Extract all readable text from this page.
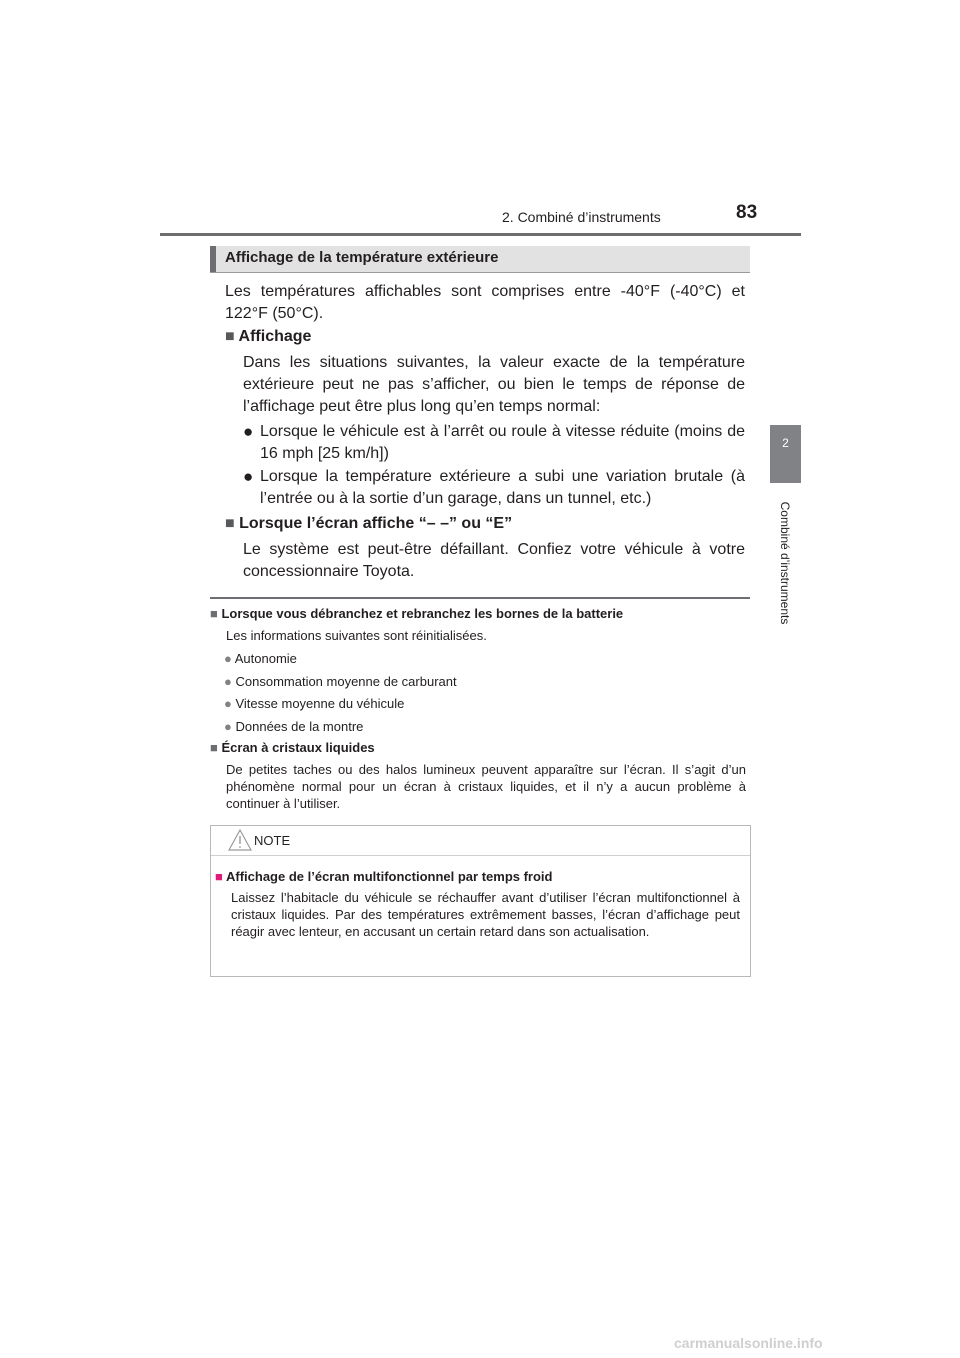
2. Combiné d’instruments	83
2
Combiné d’instruments
Affichage de la température extérieure
Les températures affichables sont comprises entre -40°F (-40°C) et 122°F (50°C).
■ Affichage
Dans les situations suivantes, la valeur exacte de la température extérieure peut ne pas s’afficher, ou bien le temps de réponse de l’affichage peut être plus long qu’en temps normal:
● Lorsque le véhicule est à l’arrêt ou roule à vitesse réduite (moins de 16 mph [25 km/h])
● Lorsque la température extérieure a subi une variation brutale (à l’entrée ou à la sortie d’un garage, dans un tunnel, etc.)
■ Lorsque l’écran affiche “– –” ou “E”
Le système est peut-être défaillant. Confiez votre véhicule à votre concessionnaire Toyota.
■ Lorsque vous débranchez et rebranchez les bornes de la batterie
Les informations suivantes sont réinitialisées.
● Autonomie
● Consommation moyenne de carburant
● Vitesse moyenne du véhicule
● Données de la montre
■ Écran à cristaux liquides
De petites taches ou des halos lumineux peuvent apparaître sur l’écran. Il s’agit d’un phénomène normal pour un écran à cristaux liquides, et il n’y a aucun problème à continuer à l’utiliser.
NOTE
■ Affichage de l’écran multifonctionnel par temps froid
Laissez l’habitacle du véhicule se réchauffer avant d’utiliser l’écran multifonctionnel à cristaux liquides. Par des températures extrêmement basses, l’écran d’affichage peut réagir avec lenteur, en accusant un certain retard dans son actualisation.
carmanualsonline.info
